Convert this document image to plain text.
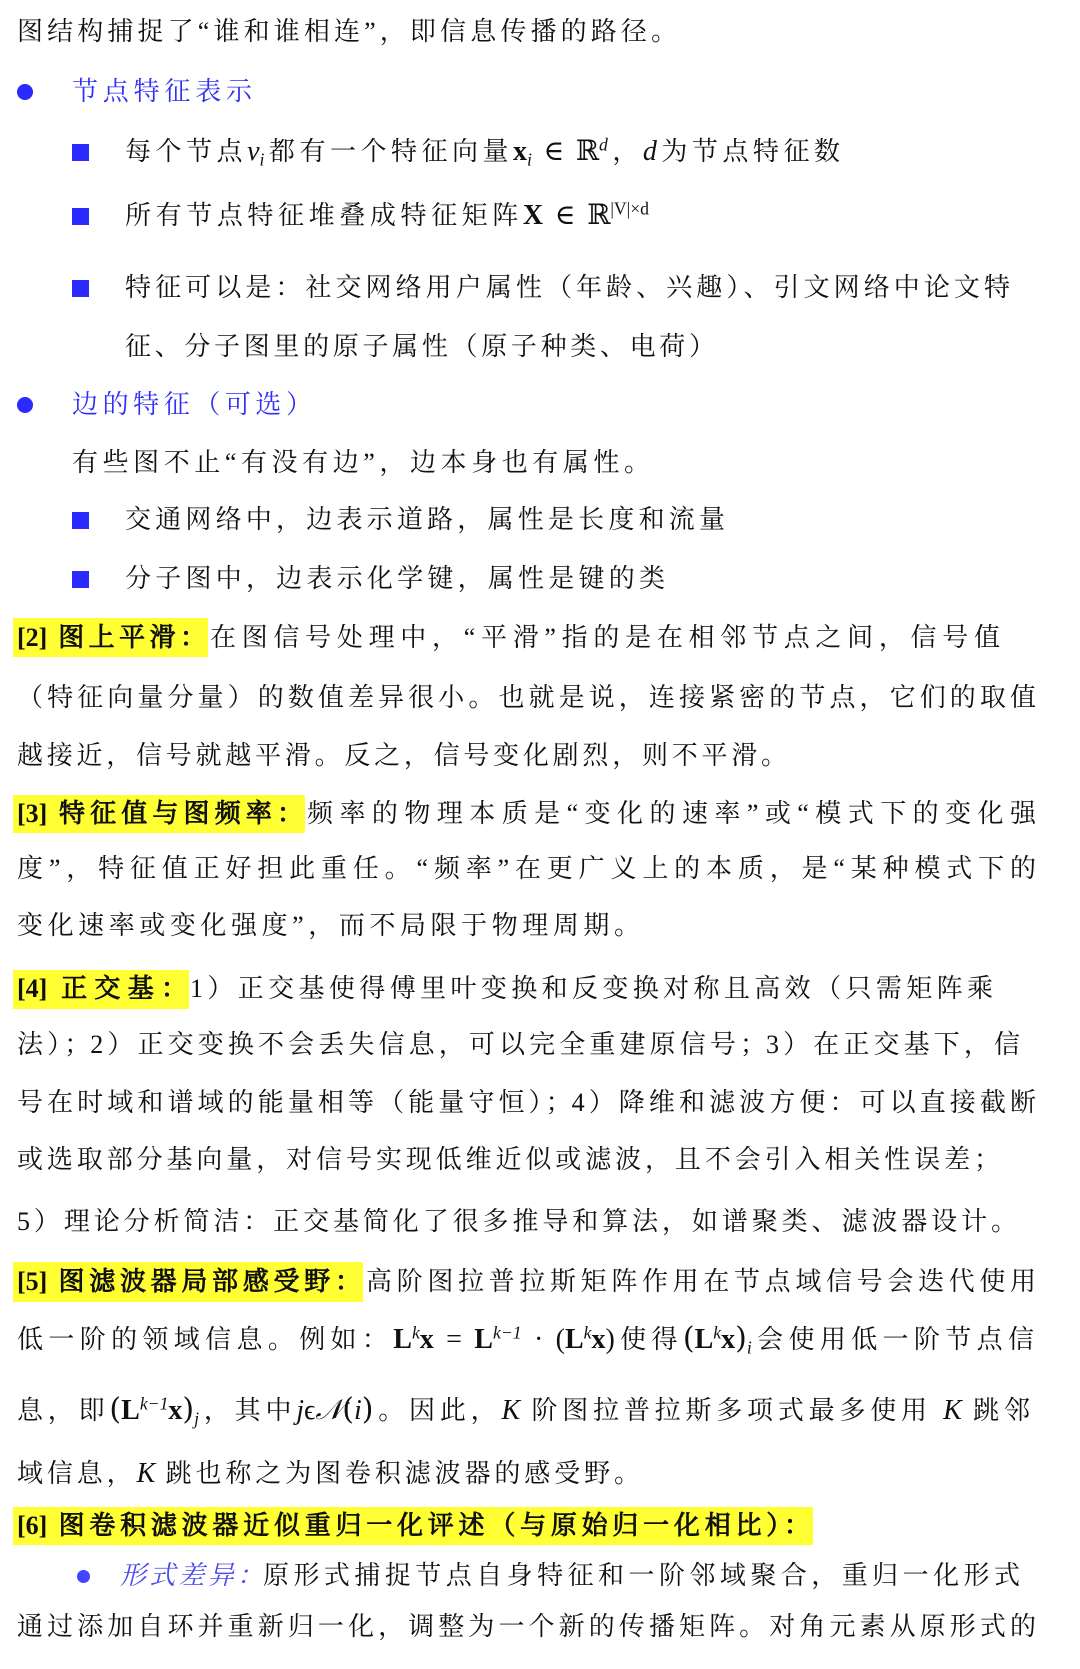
图结构捕捉了“谁和谁相连”，即信息传播的路径。
节点特征表示
每个节点$v_i$都有一个特征向量$x_i$ ∈ ℝ$^d$，d为节点特征数
所有节点特征堆叠成特征矩阵X ∈ ℝ$^{|V|\times d}$
特征可以是：社交网络用户属性（年龄、兴趣）、引文网络中论文特
征、分子图里的原子属性（原子种类、电荷）
边的特征（可选）
有些图不止“有没有边”，边本身也有属性。
交通网络中，边表示道路，属性是长度和流量
分子图中，边表示化学键，属性是键的类
[2] 图上平滑： 在图信号处理中，“平滑”指的是在相邻节点之间，信号值
（特征向量分量）的数值差异很小。也就是说，连接紧密的节点，它们的取值
越接近，信号就越平滑。反之，信号变化剧烈，则不平滑。
[3] 特征值与图频率： 频率的物理本质是“变化的速率”或“模式下的变化强
度”，特征值正好担此重任。“频率”在更广义上的本质，是“某种模式下的
变化速率或变化强度”，而不局限于物理周期。
[4] 正交基： 1）正交基使得傅里叶变换和反变换对称且高效（只需矩阵乘
法）；2）正交变换不会丢失信息，可以完全重建原信号；3）在正交基下，信
号在时域和谱域的能量相等（能量守恒）；4）降维和滤波方便：可以直接截断
或选取部分基向量，对信号实现低维近似或滤波，且不会引入相关性误差；
5）理论分析简洁：正交基简化了很多推导和算法，如谱聚类、滤波器设计。
[5] 图滤波器局部感受野： 高阶图拉普拉斯矩阵作用在节点域信号会迭代使用
低一阶的领域信息。例如：$L^kx = L^{k-1} \cdot (L^kx)$使得$(L^kx)_i$会使用低一阶节点信
息，即$(L^{k-1}x)_j$，其中jϵ𝒩(i)。因此，K 阶图拉普拉斯多项式最多使用 K 跳邻
域信息，K 跳也称之为图卷积滤波器的感受野。
[6] 图卷积滤波器近似重归一化评述（与原始归一化相比）：
形式差异： 原形式捕捉节点自身特征和一阶邻域聚合，重归一化形式
通过添加自环并重新归一化，调整为一个新的传播矩阵。对角元素从原形式的
